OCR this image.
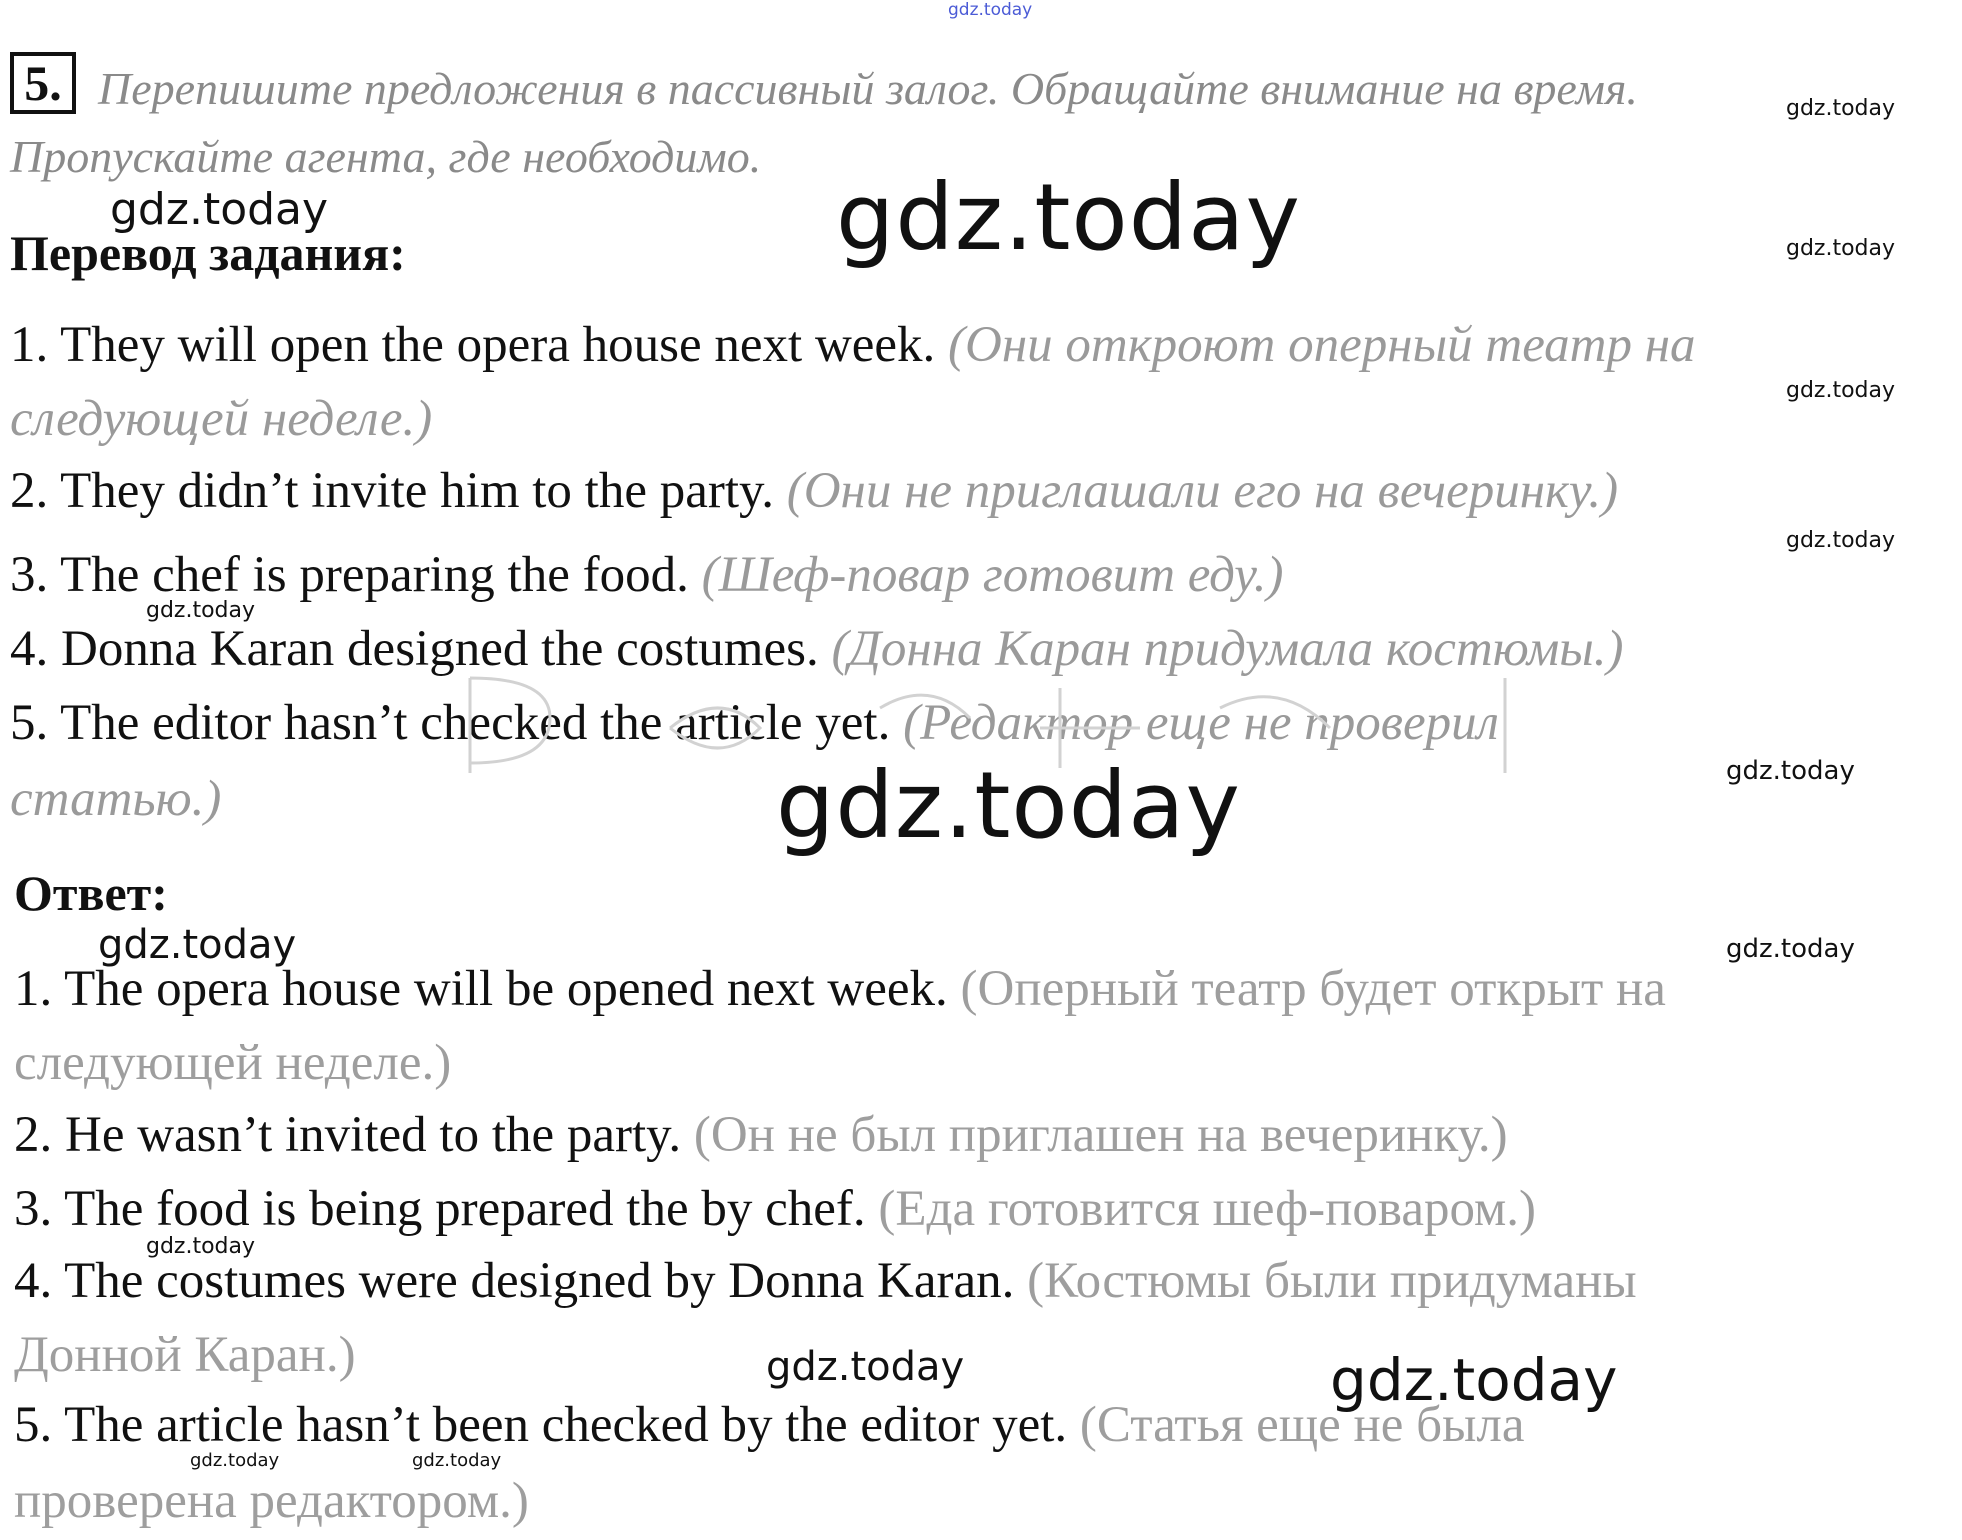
gdz.today
5. Перепишите предложения в пассивный залог. Обращайте внимание на время.
Пропускайте агента, где необходимо.
Перевод задания:
1. They will open the opera house next week. (Они откроют оперный театр на
следующей неделе.)
2. They didn’t invite him to the party. (Они не приглашали его на вечеринку.)
3. The chef is preparing the food. (Шеф-повар готовит еду.)
4. Donna Karan designed the costumes. (Донна Каран придумала костюмы.)
5. The editor hasn’t checked the article yet. (Редактор еще не проверил
статью.)
Ответ:
1. The opera house will be opened next week. (Оперный театр будет открыт на
следующей неделе.)
2. He wasn’t invited to the party. (Он не был приглашен на вечеринку.)
3. The food is being prepared the by chef. (Еда готовится шеф-поваром.)
4. The costumes were designed by Donna Karan. (Костюмы были придуманы
Донной Каран.)
5. The article hasn’t been checked by the editor yet. (Статья еще не была
проверена редактором.)
gdz.today
gdz.today
gdz.today
gdz.today
gdz.today	gdz.today
gdz.today
gdz.today
gdz.today
gdz.today
gdz.today
gdz.today
gdz.today
gdz.today
gdz.today	gdz.today
